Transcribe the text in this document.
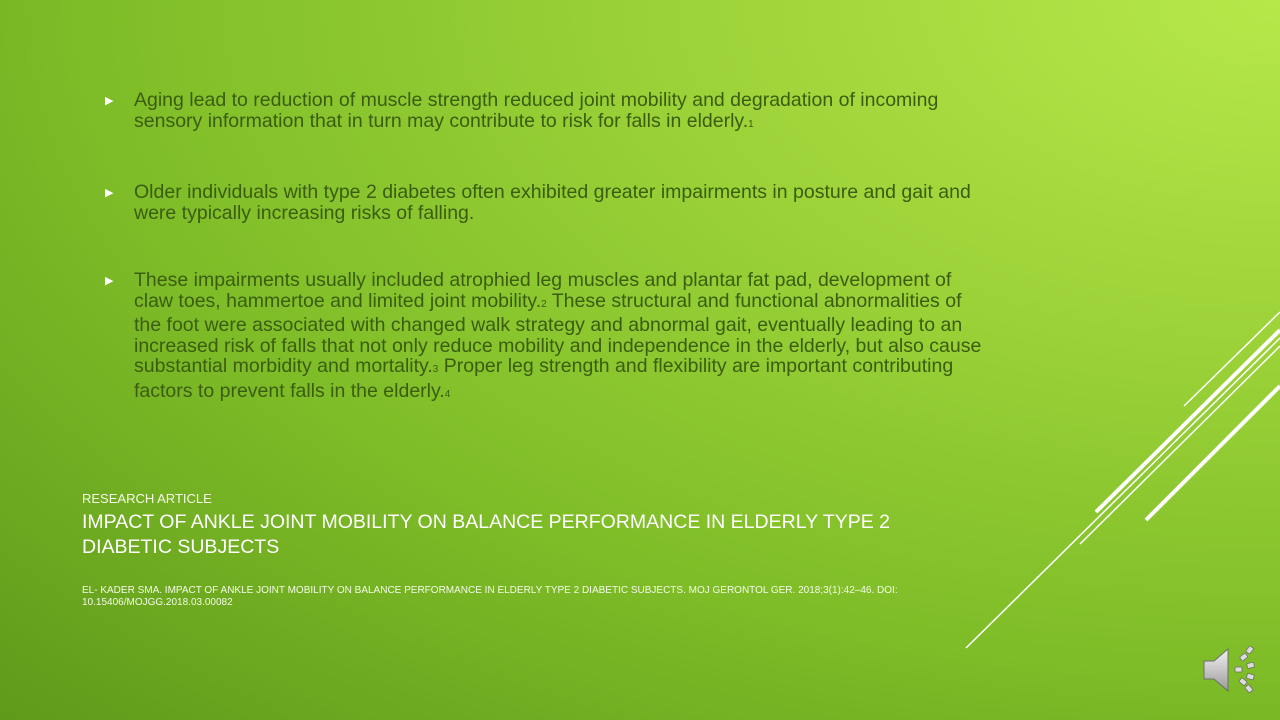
▶ Aging lead to reduction of muscle strength reduced joint mobility and degradation of incoming sensory information that in turn may contribute to risk for falls in elderly.1
▶ Older individuals with type 2 diabetes often exhibited greater impairments in posture and gait and were typically increasing risks of falling.
▶ These impairments usually included atrophied leg muscles and plantar fat pad, development of claw toes, hammertoe and limited joint mobility.2 These structural and functional abnormalities of the foot were associated with changed walk strategy and abnormal gait, eventually leading to an increased risk of falls that not only reduce mobility and independence in the elderly, but also cause substantial morbidity and mortality.3 Proper leg strength and flexibility are important contributing factors to prevent falls in the elderly.4
RESEARCH ARTICLE
IMPACT OF ANKLE JOINT MOBILITY ON BALANCE PERFORMANCE IN ELDERLY TYPE 2 DIABETIC SUBJECTS
EL- KADER SMA. IMPACT OF ANKLE JOINT MOBILITY ON BALANCE PERFORMANCE IN ELDERLY TYPE 2 DIABETIC SUBJECTS. MOJ GERONTOL GER. 2018;3(1):42‒46. DOI: 10.15406/MOJGG.2018.03.00082
